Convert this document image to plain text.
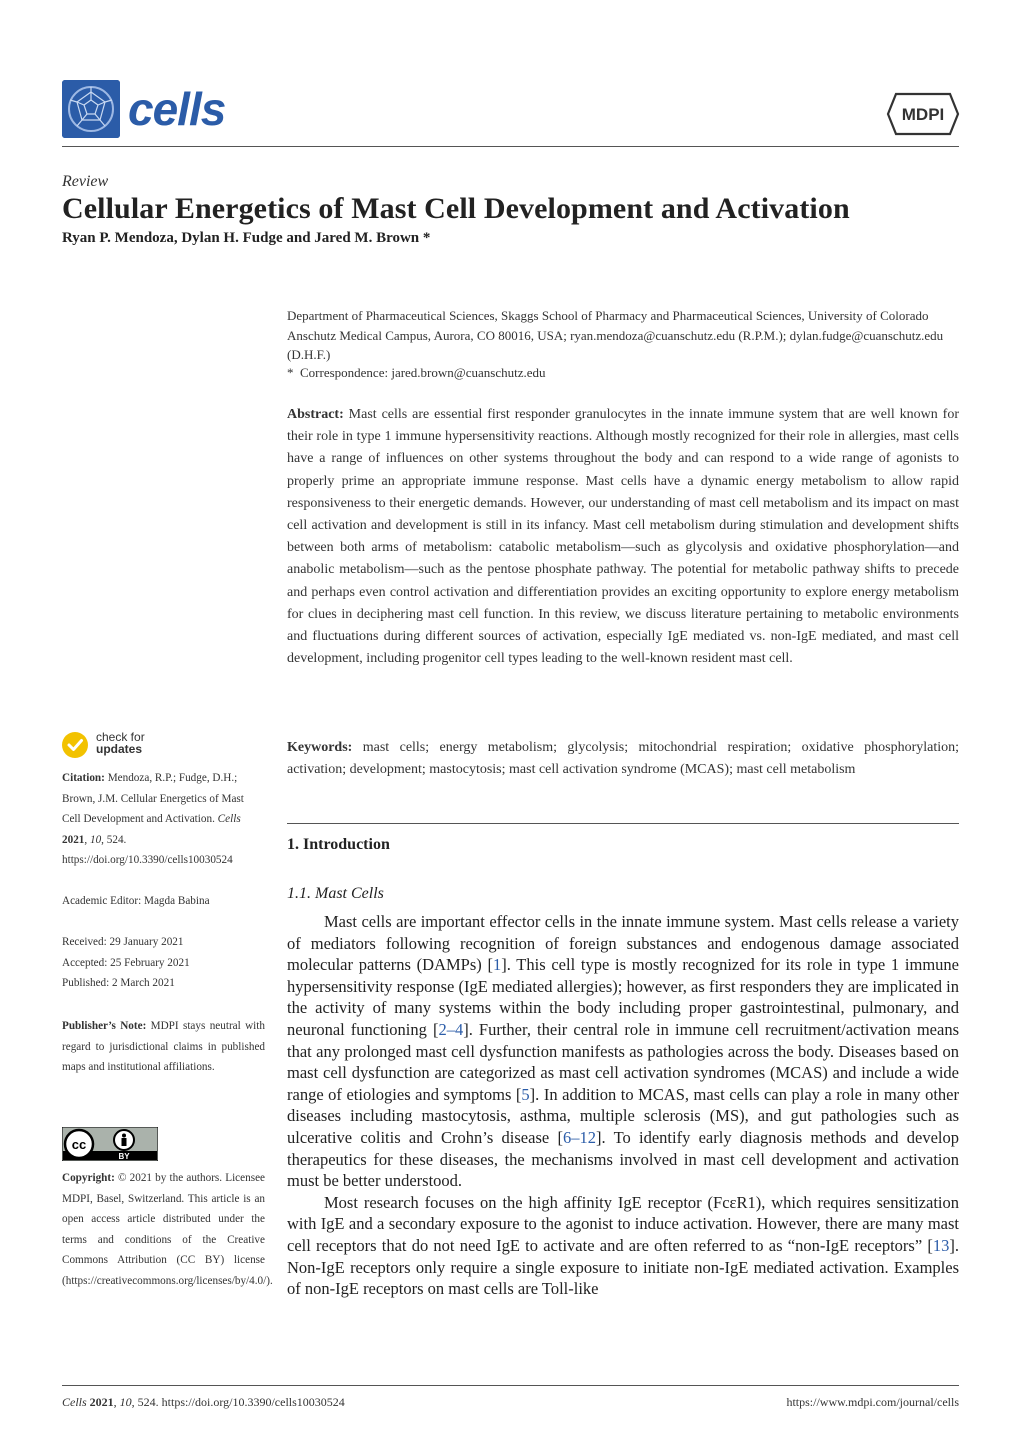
cells	MDPI
Review
Cellular Energetics of Mast Cell Development and Activation
Ryan P. Mendoza, Dylan H. Fudge and Jared M. Brown *
Department of Pharmaceutical Sciences, Skaggs School of Pharmacy and Pharmaceutical Sciences, University of Colorado Anschutz Medical Campus, Aurora, CO 80016, USA; ryan.mendoza@cuanschutz.edu (R.P.M.); dylan.fudge@cuanschutz.edu (D.H.F.)
* Correspondence: jared.brown@cuanschutz.edu
Abstract: Mast cells are essential first responder granulocytes in the innate immune system that are well known for their role in type 1 immune hypersensitivity reactions. Although mostly recognized for their role in allergies, mast cells have a range of influences on other systems throughout the body and can respond to a wide range of agonists to properly prime an appropriate immune response. Mast cells have a dynamic energy metabolism to allow rapid responsiveness to their energetic demands. However, our understanding of mast cell metabolism and its impact on mast cell activation and development is still in its infancy. Mast cell metabolism during stimulation and development shifts between both arms of metabolism: catabolic metabolism—such as glycolysis and oxidative phosphorylation—and anabolic metabolism—such as the pentose phosphate pathway. The potential for metabolic pathway shifts to precede and perhaps even control activation and differentiation provides an exciting opportunity to explore energy metabolism for clues in deciphering mast cell function. In this review, we discuss literature pertaining to metabolic environments and fluctuations during different sources of activation, especially IgE mediated vs. non-IgE mediated, and mast cell development, including progenitor cell types leading to the well-known resident mast cell.
Keywords: mast cells; energy metabolism; glycolysis; mitochondrial respiration; oxidative phosphorylation; activation; development; mastocytosis; mast cell activation syndrome (MCAS); mast cell metabolism
1. Introduction
1.1. Mast Cells

Mast cells are important effector cells in the innate immune system. Mast cells release a variety of mediators following recognition of foreign substances and endogenous damage associated molecular patterns (DAMPs) [1]. This cell type is mostly recognized for its role in type 1 immune hypersensitivity response (IgE mediated allergies); however, as first responders they are implicated in the activity of many systems within the body including proper gastrointestinal, pulmonary, and neuronal functioning [2–4]. Further, their central role in immune cell recruitment/activation means that any prolonged mast cell dysfunction manifests as pathologies across the body. Diseases based on mast cell dysfunction are categorized as mast cell activation syndromes (MCAS) and include a wide range of etiologies and symptoms [5]. In addition to MCAS, mast cells can play a role in many other diseases including mastocytosis, asthma, multiple sclerosis (MS), and gut pathologies such as ulcerative colitis and Crohn’s disease [6–12]. To identify early diagnosis methods and develop therapeutics for these diseases, the mechanisms involved in mast cell development and activation must be better understood.

Most research focuses on the high affinity IgE receptor (FcεR1), which requires sensitization with IgE and a secondary exposure to the agonist to induce activation. However, there are many mast cell receptors that do not need IgE to activate and are often referred to as “non-IgE receptors” [13]. Non-IgE receptors only require a single exposure to initiate non-IgE mediated activation. Examples of non-IgE receptors on mast cells are Toll-like

check for
updates
Citation: Mendoza, R.P.; Fudge, D.H.; Brown, J.M. Cellular Energetics of Mast Cell Development and Activation. Cells 2021, 10, 524. https://doi.org/10.3390/cells10030524
Academic Editor: Magda Babina
Received: 29 January 2021
Accepted: 25 February 2021
Published: 2 March 2021
Publisher’s Note: MDPI stays neutral with regard to jurisdictional claims in published maps and institutional affiliations.
cc
BY
Copyright: © 2021 by the authors. Licensee MDPI, Basel, Switzerland. This article is an open access article distributed under the terms and conditions of the Creative Commons Attribution (CC BY) license (https://creativecommons.org/licenses/by/4.0/).
Cells 2021, 10, 524. https://doi.org/10.3390/cells10030524	https://www.mdpi.com/journal/cells
